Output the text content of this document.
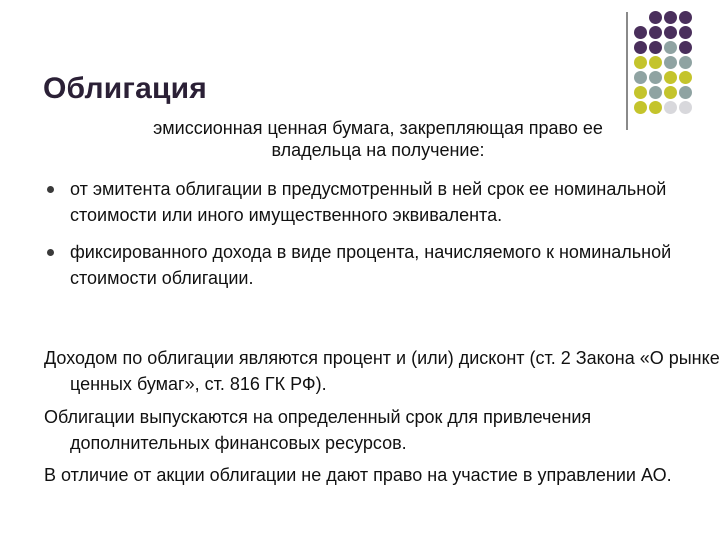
Облигация
эмиссионная ценная бумага, закрепляющая право ее владельца на получение:
от эмитента облигации в предусмотренный в ней срок ее номинальной стоимости или иного имущественного эквивалента.
фиксированного дохода в виде процента, начисляемого к номинальной стоимости облигации.
Доходом по облигации являются процент и (или) дисконт (ст. 2 Закона «О рынке ценных бумаг», ст. 816 ГК РФ).
Облигации выпускаются на определенный срок для привлечения дополнительных финансовых ресурсов.
В отличие от акции облигации не дают право на участие в управлении АО.
